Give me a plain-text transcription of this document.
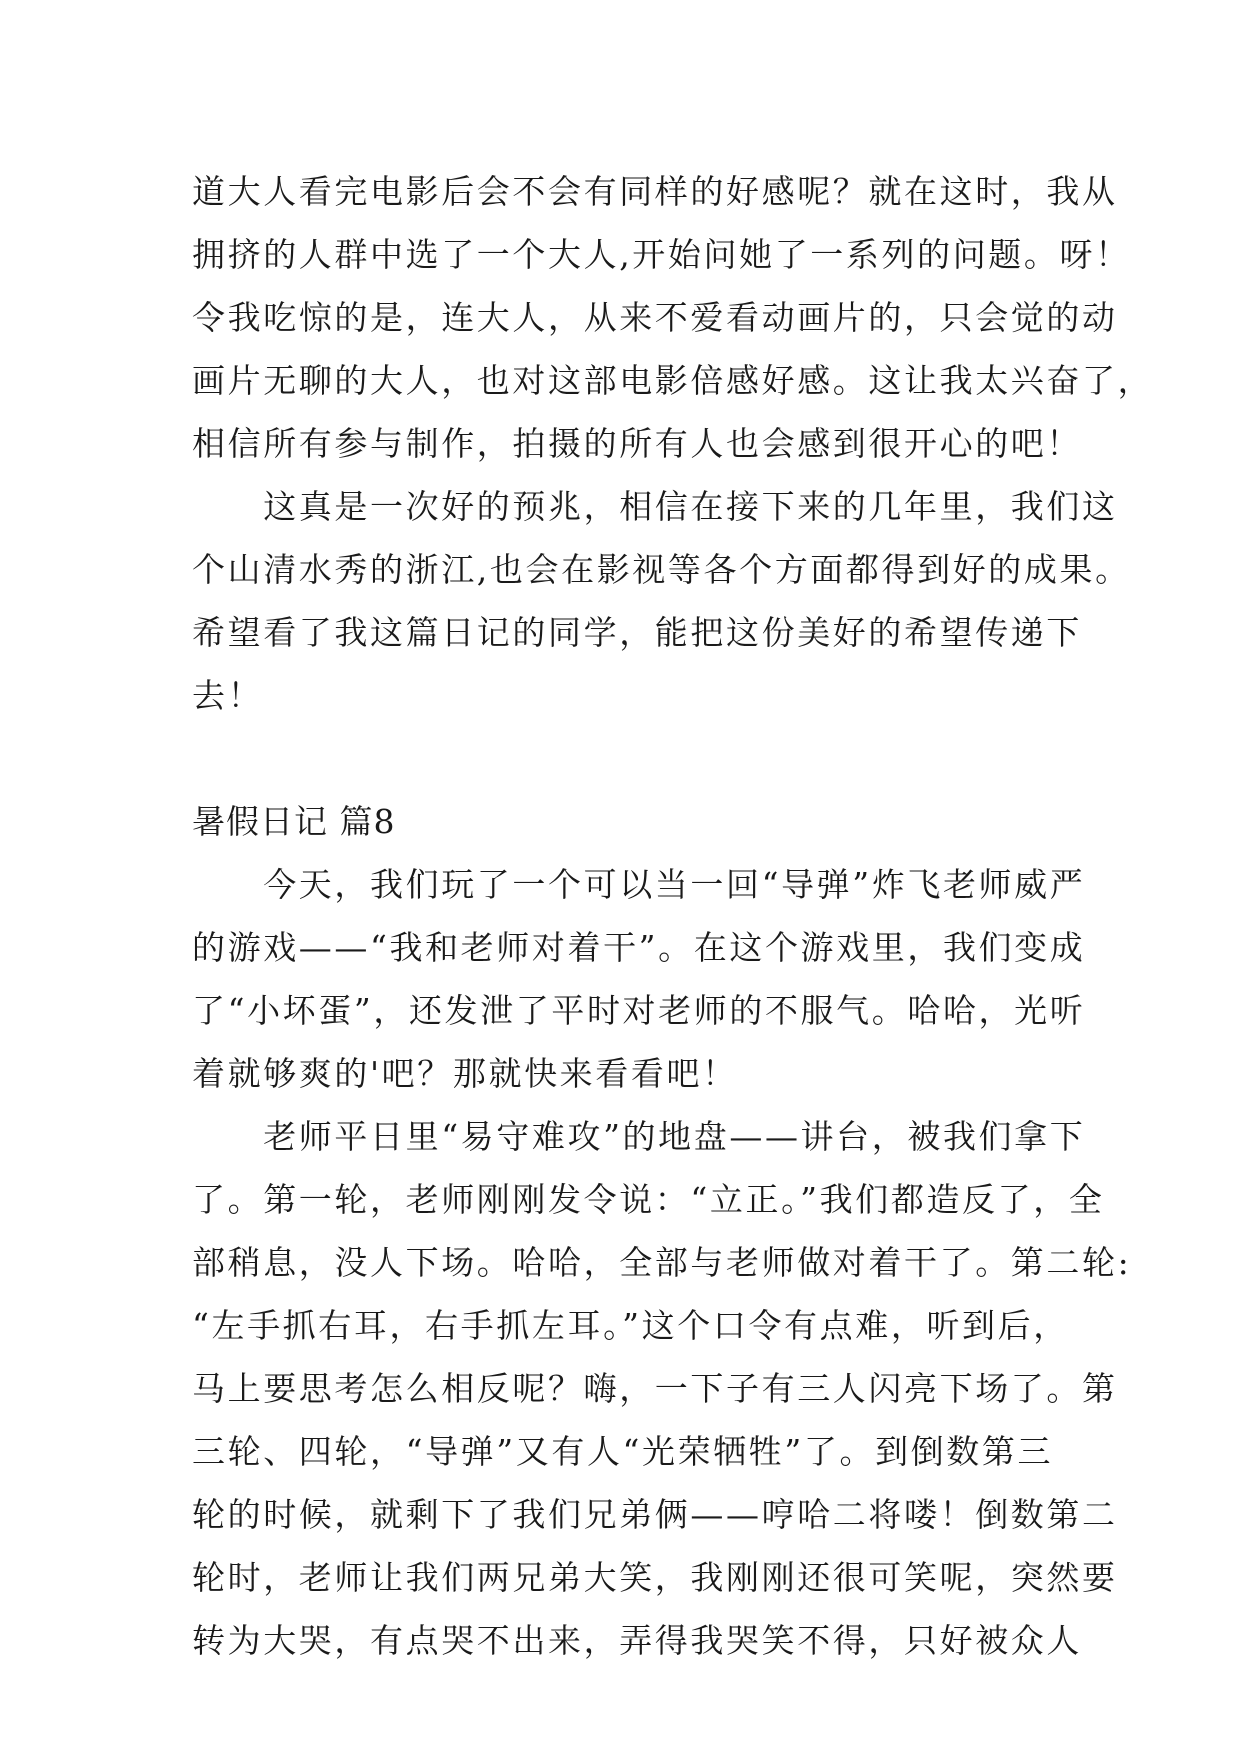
道大人看完电影后会不会有同样的好感呢？就在这时，我从
拥挤的人群中选了一个大人,开始问她了一系列的问题。呀！
令我吃惊的是，连大人，从来不爱看动画片的，只会觉的动
画片无聊的大人，也对这部电影倍感好感。这让我太兴奋了，
相信所有参与制作，拍摄的所有人也会感到很开心的吧！
　　这真是一次好的预兆，相信在接下来的几年里，我们这
个山清水秀的浙江,也会在影视等各个方面都得到好的成果。
希望看了我这篇日记的同学，能把这份美好的希望传递下
去！
暑假日记 篇8
　　今天，我们玩了一个可以当一回“导弹”炸飞老师威严
的游戏——“我和老师对着干”。在这个游戏里，我们变成
了“小坏蛋”，还发泄了平时对老师的不服气。哈哈，光听
着就够爽的'吧？那就快来看看吧！
　　老师平日里“易守难攻”的地盘——讲台，被我们拿下
了。第一轮，老师刚刚发令说：“立正。”我们都造反了，全
部稍息，没人下场。哈哈，全部与老师做对着干了。第二轮:
“左手抓右耳，右手抓左耳。”这个口令有点难，听到后，
马上要思考怎么相反呢？嗨，一下子有三人闪亮下场了。第
三轮、四轮，“导弹”又有人“光荣牺牲”了。到倒数第三
轮的时候，就剩下了我们兄弟俩——哼哈二将喽！倒数第二
轮时，老师让我们两兄弟大笑，我刚刚还很可笑呢，突然要
转为大哭，有点哭不出来，弄得我哭笑不得，只好被众人
